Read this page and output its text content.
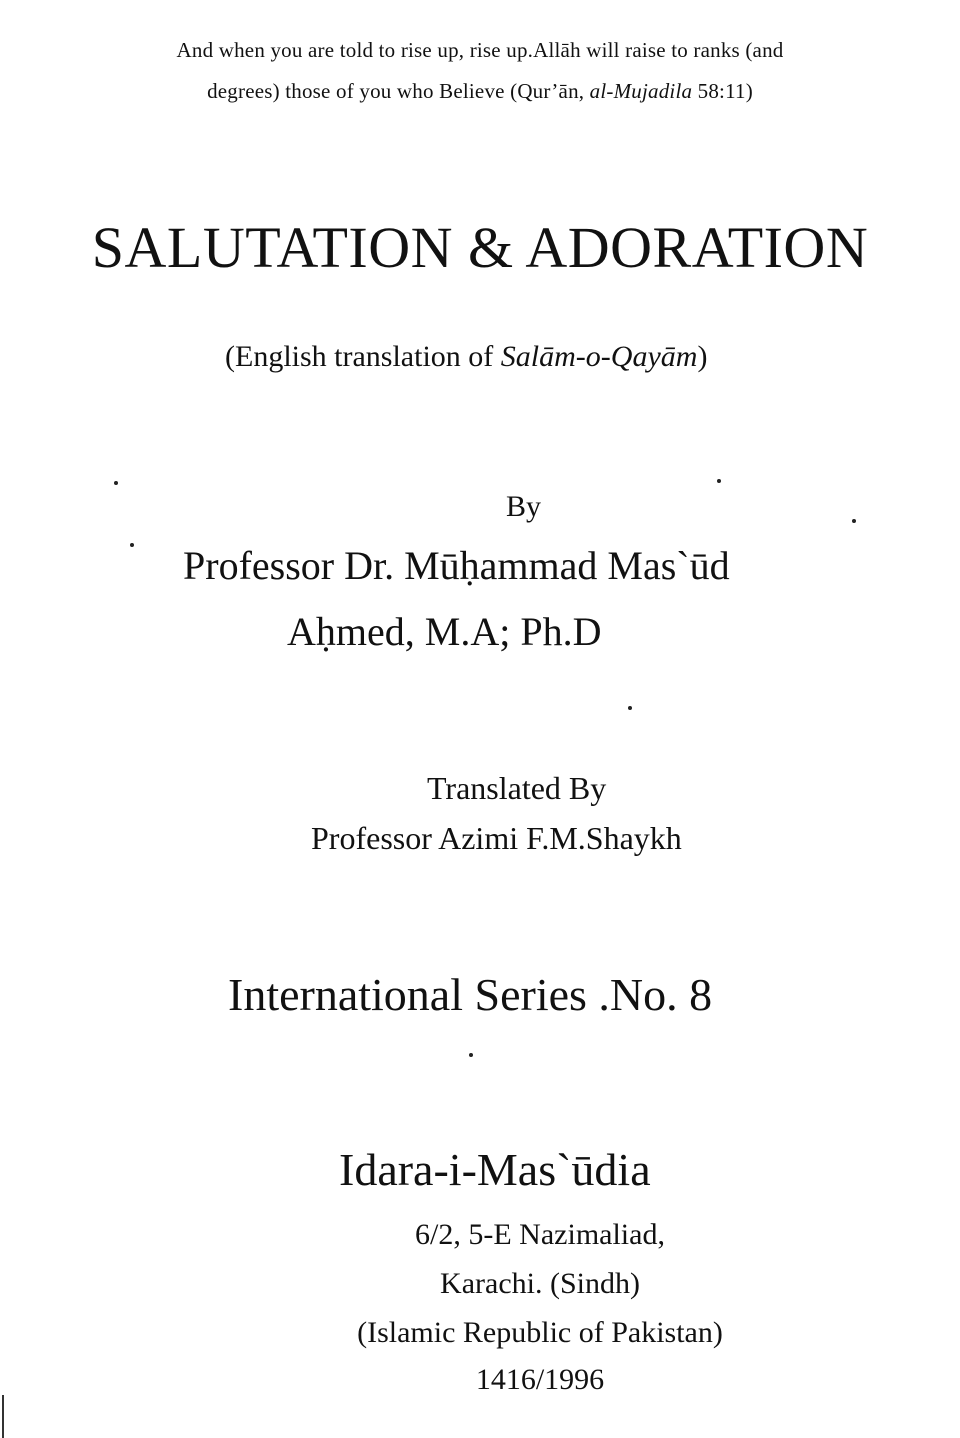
And when you are told to rise up, rise up.Allāh will raise to ranks (and
degrees) those of you who Believe (Qur’ān, al-Mujadila 58:11)
SALUTATION & ADORATION
(English translation of Salām-o-Qayām)
By
Professor Dr. Mūḥammad Mas`ūd
Aḥmed, M.A; Ph.D
Translated By
Professor Azimi F.M.Shaykh
International Series .No. 8
Idara-i-Mas`ūdia
6/2, 5-E Nazimaliad,
Karachi. (Sindh)
(Islamic Republic of Pakistan)
1416/1996
